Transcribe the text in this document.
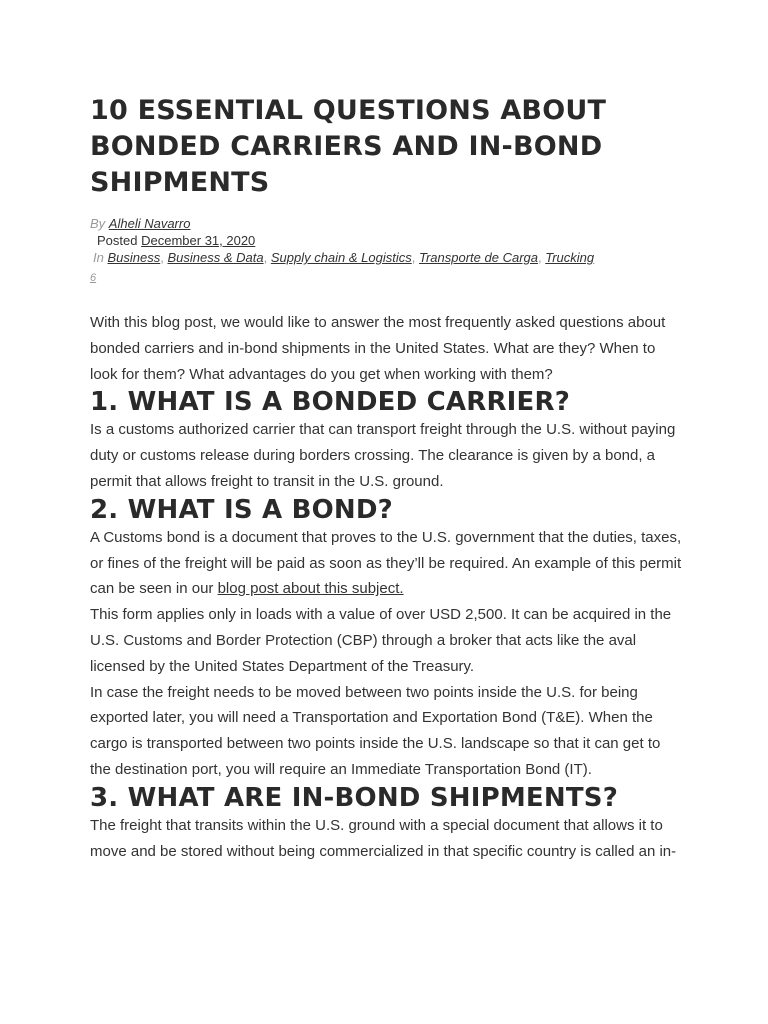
10 ESSENTIAL QUESTIONS ABOUT BONDED CARRIERS AND IN-BOND SHIPMENTS
By Alheli Navarro
Posted December 31, 2020
In Business, Business & Data, Supply chain & Logistics, Transporte de Carga, Trucking
6

With this blog post, we would like to answer the most frequently asked questions about bonded carriers and in-bond shipments in the United States. What are they? When to look for them? What advantages do you get when working with them?

1. WHAT IS A BONDED CARRIER?

Is a customs authorized carrier that can transport freight through the U.S. without paying duty or customs release during borders crossing. The clearance is given by a bond, a permit that allows freight to transit in the U.S. ground.

2. WHAT IS A BOND?

A Customs bond is a document that proves to the U.S. government that the duties, taxes, or fines of the freight will be paid as soon as they’ll be required. An example of this permit can be seen in our blog post about this subject.

This form applies only in loads with a value of over USD 2,500. It can be acquired in the U.S. Customs and Border Protection (CBP) through a broker that acts like the aval licensed by the United States Department of the Treasury.

In case the freight needs to be moved between two points inside the U.S. for being exported later, you will need a Transportation and Exportation Bond (T&E). When the cargo is transported between two points inside the U.S. landscape so that it can get to the destination port, you will require an Immediate Transportation Bond (IT).

3. WHAT ARE IN-BOND SHIPMENTS?

The freight that transits within the U.S. ground with a special document that allows it to move and be stored without being commercialized in that specific country is called an in-
